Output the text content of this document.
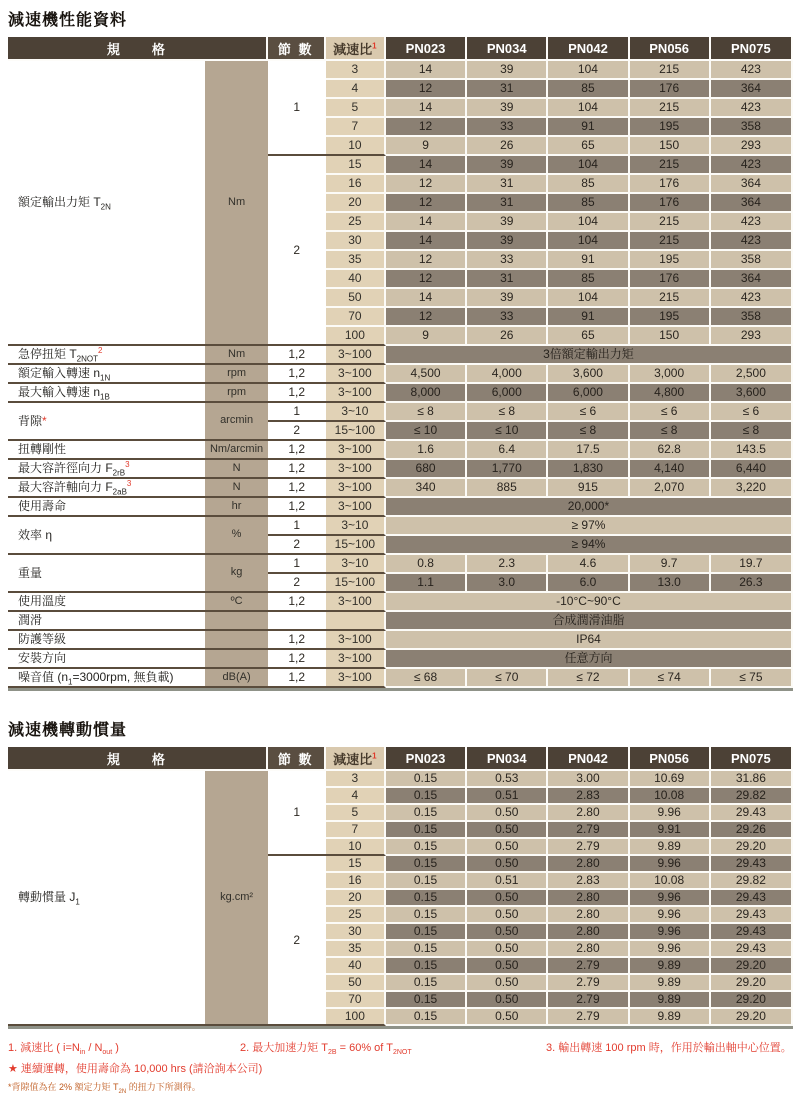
減速機性能資料
規　　格		節 數	減速比$^1$	PN023	PN034	PN042	PN056	PN075
額定輸出力矩 $T_{2N}$	Nm	1	3	14	39	104	215	423
			4	12	31	85	176	364
			5	14	39	104	215	423
			7	12	33	91	195	358
			10	9	26	65	150	293
		2	15	14	39	104	215	423
			16	12	31	85	176	364
			20	12	31	85	176	364
			25	14	39	104	215	423
			30	14	39	104	215	423
			35	12	33	91	195	358
			40	12	31	85	176	364
			50	14	39	104	215	423
			70	12	33	91	195	358
			100	9	26	65	150	293
急停扭矩 $T_{2NOT}^2$	Nm	1,2	3~100	3倍額定輸出力矩				
額定輸入轉速 $n_{1N}$	rpm	1,2	3~100	4,500	4,000	3,600	3,000	2,500
最大輸入轉速 $n_{1B}$	rpm	1,2	3~100	8,000	6,000	6,000	4,800	3,600
背隙*	arcmin	1	3~10	≤ 8	≤ 8	≤ 6	≤ 6	≤ 6
		2	15~100	≤ 10	≤ 10	≤ 8	≤ 8	≤ 8
扭轉剛性	Nm/arcmin	1,2	3~100	1.6	6.4	17.5	62.8	143.5
最大容許徑向力 $F_{2rB}^3$	N	1,2	3~100	680	1,770	1,830	4,140	6,440
最大容許軸向力 $F_{2aB}^3$	N	1,2	3~100	340	885	915	2,070	3,220
使用壽命	hr	1,2	3~100	20,000*				
效率 η	%	1	3~10	≥ 97%				
		2	15~100	≥ 94%				
重量	kg	1	3~10	0.8	2.3	4.6	9.7	19.7
		2	15~100	1.1	3.0	6.0	13.0	26.3
使用溫度	ºC	1,2	3~100	-10°C~90°C				
潤滑				合成潤滑油脂				
防護等級		1,2	3~100	IP64				
安裝方向		1,2	3~100	任意方向				
噪音值 ($n_1=3000rpm$, 無負載)	dB(A)	1,2	3~100	≤ 68	≤ 70	≤ 72	≤ 74	≤ 75
減速機轉動慣量
規　　格		節 數	減速比$^1$	PN023	PN034	PN042	PN056	PN075
轉動慣量 $J_1$	kg.cm²	1	3	0.15	0.53	3.00	10.69	31.86
			4	0.15	0.51	2.83	10.08	29.82
			5	0.15	0.50	2.80	9.96	29.43
			7	0.15	0.50	2.79	9.91	29.26
			10	0.15	0.50	2.79	9.89	29.20
		2	15	0.15	0.50	2.80	9.96	29.43
			16	0.15	0.51	2.83	10.08	29.82
			20	0.15	0.50	2.80	9.96	29.43
			25	0.15	0.50	2.80	9.96	29.43
			30	0.15	0.50	2.80	9.96	29.43
			35	0.15	0.50	2.80	9.96	29.43
			40	0.15	0.50	2.79	9.89	29.20
			50	0.15	0.50	2.79	9.89	29.20
			70	0.15	0.50	2.79	9.89	29.20
			100	0.15	0.50	2.79	9.89	29.20
1. 減速比 ( $i=N_{in} / N_{out}$ )	2. 最大加速力矩 $T_{2B} = 60\%$ of $T_{2NOT}$	3. 輸出轉速 100 rpm 時，作用於輸出軸中心位置。
★ 連續運轉，使用壽命為 10,000 hrs (請洽詢本公司)
*背隙值為在 2% 額定力矩 $T_{2N}$ 的扭力下所測得。
